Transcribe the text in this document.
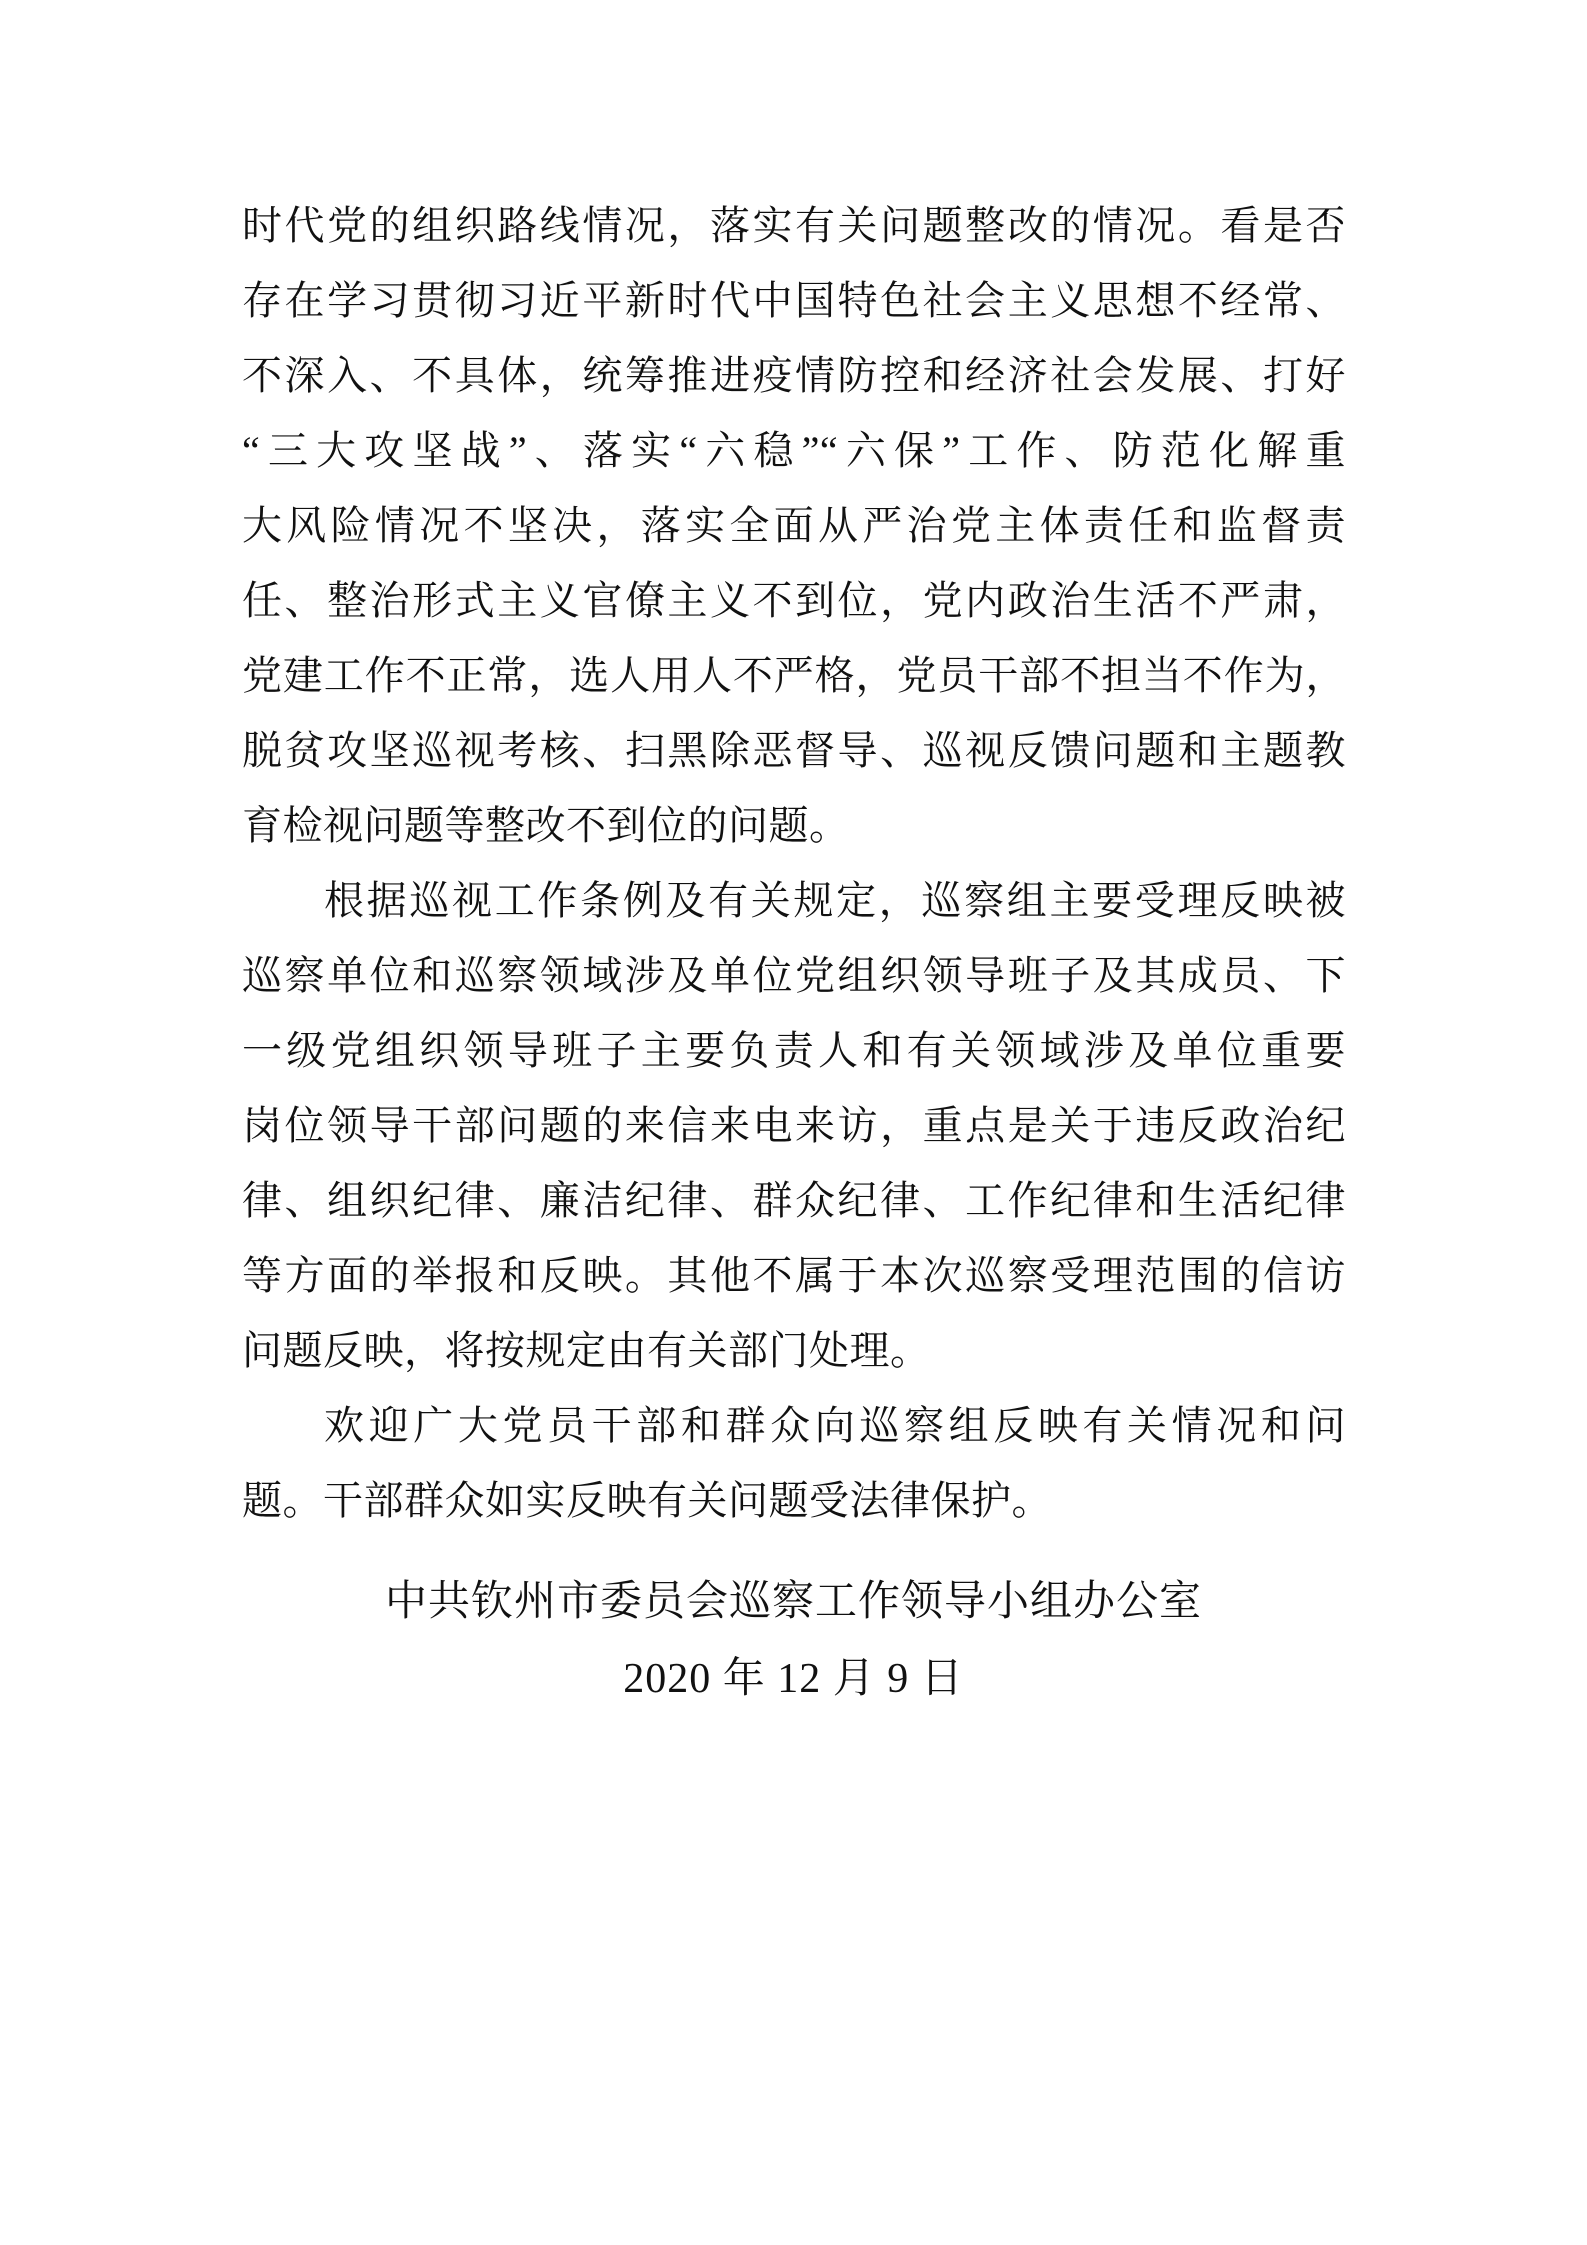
时代党的组织路线情况，落实有关问题整改的情况。看是否
存在学习贯彻习近平新时代中国特色社会主义思想不经常、
不深入、不具体，统筹推进疫情防控和经济社会发展、打好
“三大攻坚战”、落实“六稳”“六保”工作、防范化解重
大风险情况不坚决，落实全面从严治党主体责任和监督责
任、整治形式主义官僚主义不到位，党内政治生活不严肃，
党建工作不正常，选人用人不严格，党员干部不担当不作为，
脱贫攻坚巡视考核、扫黑除恶督导、巡视反馈问题和主题教
育检视问题等整改不到位的问题。
根据巡视工作条例及有关规定，巡察组主要受理反映被
巡察单位和巡察领域涉及单位党组织领导班子及其成员、下
一级党组织领导班子主要负责人和有关领域涉及单位重要
岗位领导干部问题的来信来电来访，重点是关于违反政治纪
律、组织纪律、廉洁纪律、群众纪律、工作纪律和生活纪律
等方面的举报和反映。其他不属于本次巡察受理范围的信访
问题反映，将按规定由有关部门处理。
欢迎广大党员干部和群众向巡察组反映有关情况和问
题。干部群众如实反映有关问题受法律保护。
中共钦州市委员会巡察工作领导小组办公室
2020 年 12 月 9 日
